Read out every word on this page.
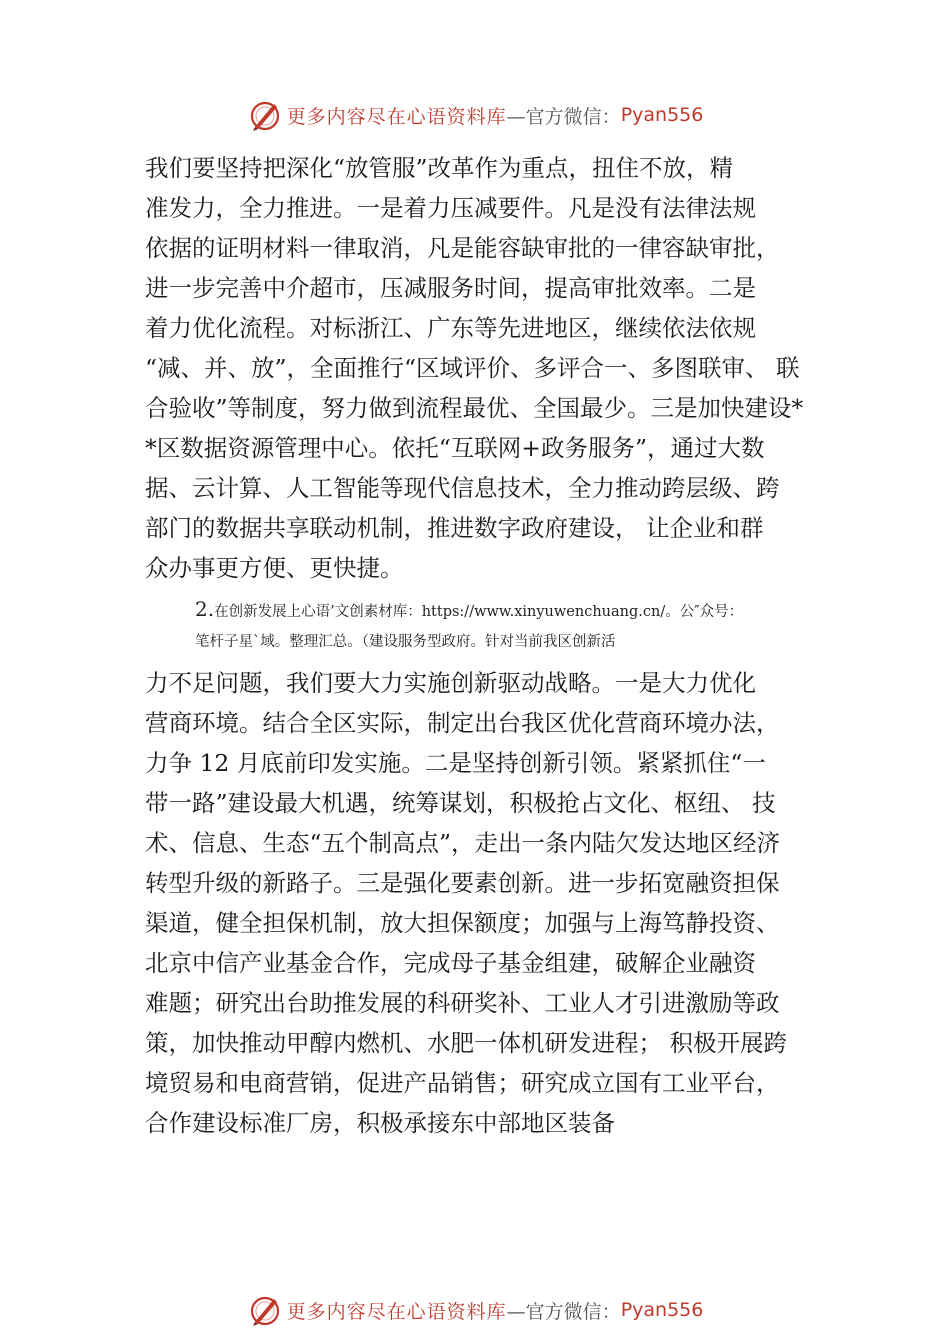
更多内容尽在心语资料库 —官方微信： Pyan556
我们要坚持把深化“放管服”改革作为重点，扭住不放，精
准发力，全力推进。一是着力压减要件。凡是没有法律法规
依据的证明材料一律取消，凡是能容缺审批的一律容缺审批，
进一步完善中介超市，压减服务时间，提高审批效率。二是
着力优化流程。对标浙江、广东等先进地区，继续依法依规
“减、并、放”，全面推行“区域评价、多评合一、多图联审、 联
合验收”等制度，努力做到流程最优、全国最少。三是加快建设*
*区数据资源管理中心。依托“互联网+政务服务”，通过大数
据、云计算、人工智能等现代信息技术，全力推动跨层级、跨
部门的数据共享联动机制，推进数字政府建设， 让企业和群
众办事更方便、更快捷。
2.在创新发展上心语’文创素材库：https://www.xinyuwenchuang.cn/。公″众号：
笔杆子星`域。整理汇总。（建设服务型政府。针对当前我区创新活
力不足问题，我们要大力实施创新驱动战略。一是大力优化
营商环境。结合全区实际，制定出台我区优化营商环境办法，
力争 12 月底前印发实施。二是坚持创新引领。紧紧抓住“一
带一路”建设最大机遇，统筹谋划，积极抢占文化、枢纽、 技
术、信息、生态“五个制高点”，走出一条内陆欠发达地区经济
转型升级的新路子。三是强化要素创新。进一步拓宽融资担保
渠道，健全担保机制，放大担保额度；加强与上海笃静投资、
北京中信产业基金合作，完成母子基金组建，破解企业融资
难题；研究出台助推发展的科研奖补、工业人才引进激励等政
策，加快推动甲醇内燃机、水肥一体机研发进程； 积极开展跨
境贸易和电商营销，促进产品销售；研究成立国有工业平台，
合作建设标准厂房，积极承接东中部地区装备
更多内容尽在心语资料库 —官方微信： Pyan556
